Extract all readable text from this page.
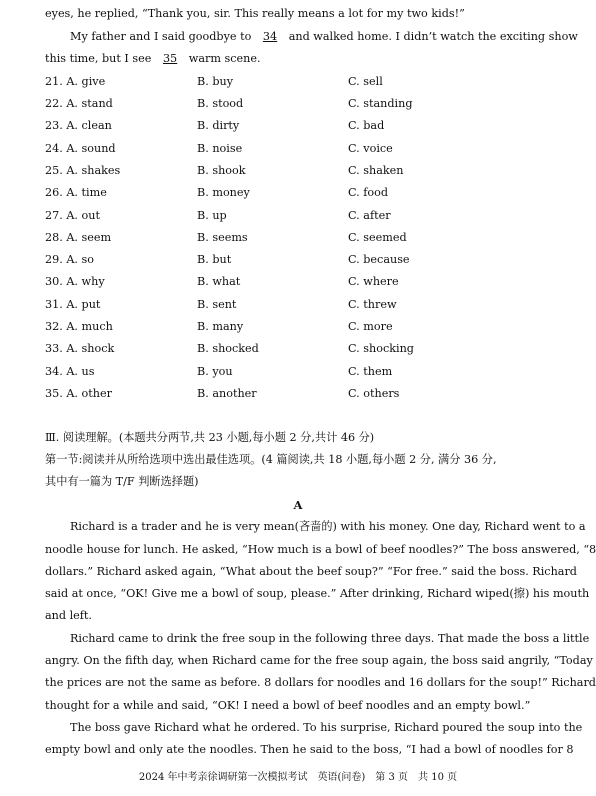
eyes, he replied, “Thank you, sir. This really means a lot for my two kids!”
My father and I said goodbye to 34 and walked home. I didn’t watch the exciting show
this time, but I see 35 warm scene.
21. A. give	B. buy	C. sell
22. A. stand	B. stood	C. standing
23. A. clean	B. dirty	C. bad
24. A. sound	B. noise	C. voice
25. A. shakes	B. shook	C. shaken
26. A. time	B. money	C. food
27. A. out	B. up	C. after
28. A. seem	B. seems	C. seemed
29. A. so	B. but	C. because
30. A. why	B. what	C. where
31. A. put	B. sent	C. threw
32. A. much	B. many	C. more
33. A. shock	B. shocked	C. shocking
34. A. us	B. you	C. them
35. A. other	B. another	C. others
Ⅲ. 阅读理解。(本题共分两节,共 23 小题,每小题 2 分,共计 46 分)
第一节:阅读并从所给选项中选出最佳选项。(4 篇阅读,共 18 小题,每小题 2 分, 满分 36 分,
其中有一篇为 T/F 判断选择题)
A
Richard is a trader and he is very mean(吝啬的) with his money. One day, Richard went to a
noodle house for lunch. He asked, “How much is a bowl of beef noodles?” The boss answered, “8
dollars.” Richard asked again, “What about the beef soup?” “For free.” said the boss. Richard
said at once, “OK! Give me a bowl of soup, please.” After drinking, Richard wiped(擦) his mouth
and left.
Richard came to drink the free soup in the following three days. That made the boss a little
angry. On the fifth day, when Richard came for the free soup again, the boss said angrily, “Today
the prices are not the same as before. 8 dollars for noodles and 16 dollars for the soup!” Richard
thought for a while and said, “OK! I need a bowl of beef noodles and an empty bowl.”
The boss gave Richard what he ordered. To his surprise, Richard poured the soup into the
empty bowl and only ate the noodles. Then he said to the boss, “I had a bowl of noodles for 8
2024 年中考亲徐调研第一次模拟考试　英语(问卷)　第 3 页　共 10 页
